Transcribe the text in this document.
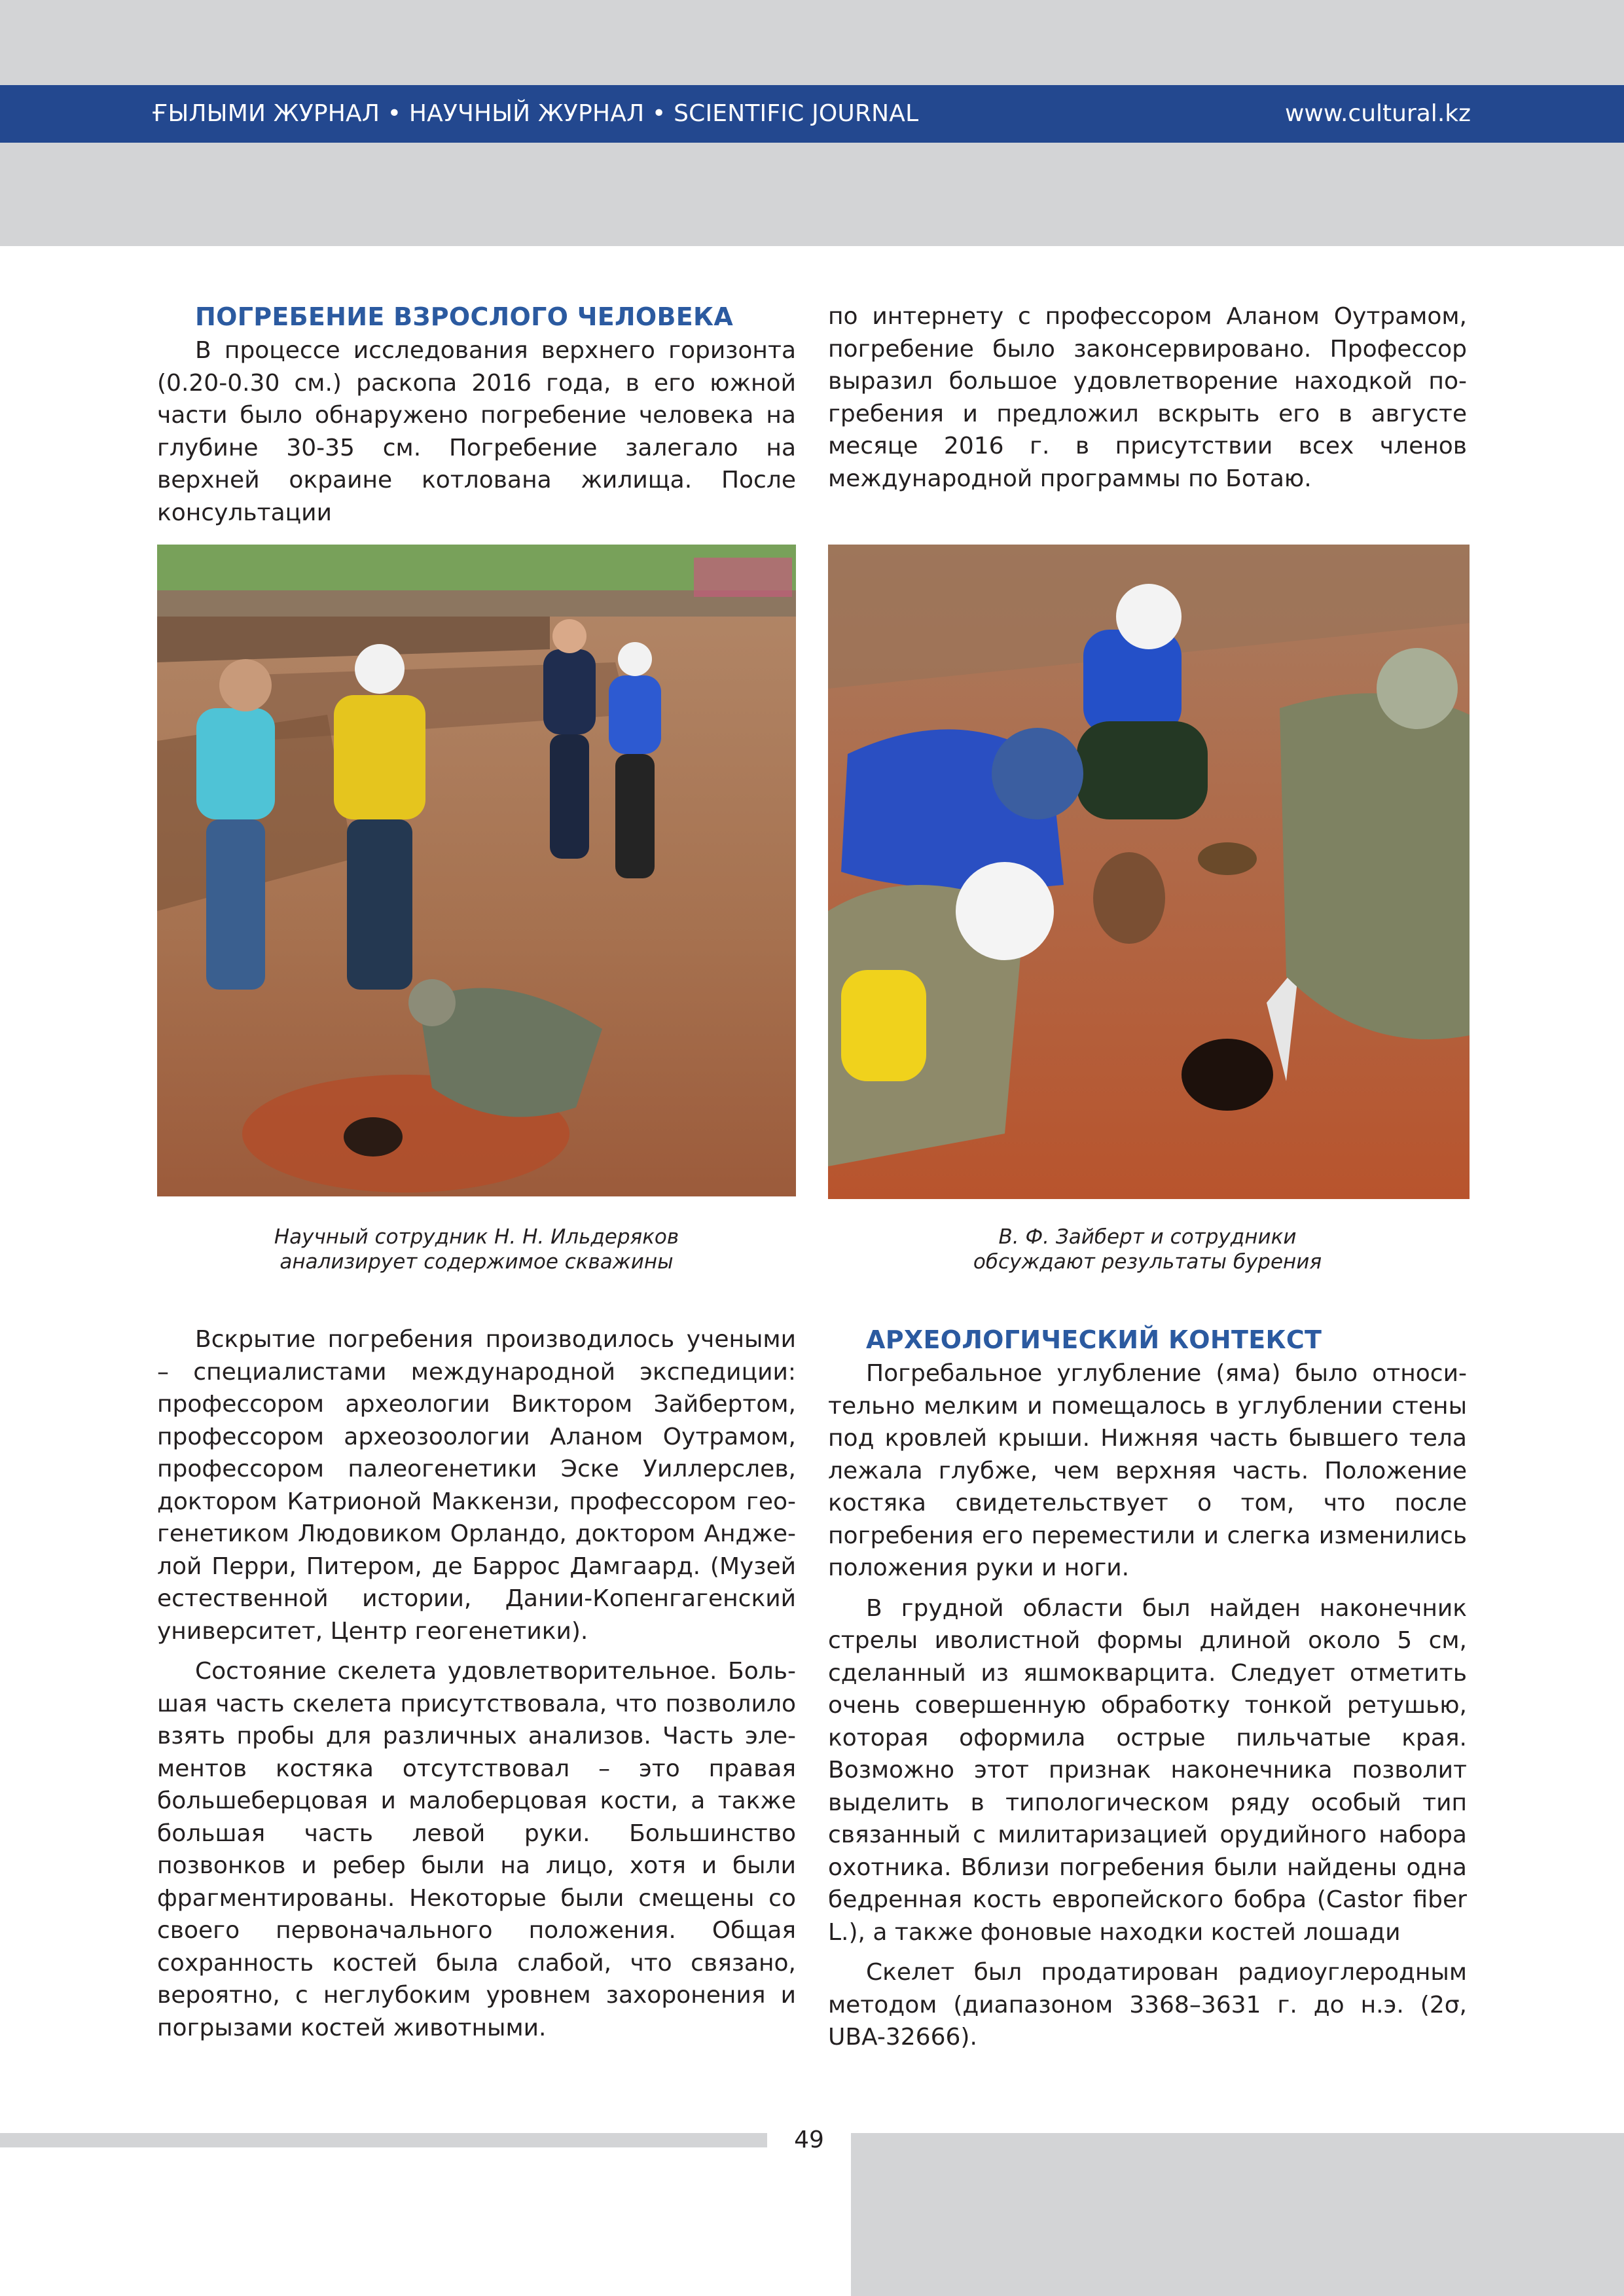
ҒЫЛЫМИ ЖУРНАЛ • НАУЧНЫЙ ЖУРНАЛ • SCIENTIFIC JOURNAL	www.cultural.kz
ПОГРЕБЕНИЕ ВЗРОСЛОГО ЧЕЛОВЕКА

В процессе исследования верхнего горизонта (0.20-0.30 см.) раскопа 2016 года, в его южной части было обнаружено погребение человека на глубине 30-35 см. Погребение залегало на верхней окраине котлована жилища. После консультации

по интернету с профессором Аланом Оутрамом, погребение было законсервировано. Профессор выразил большое удовлетворение находкой погребения и предложил вскрыть его в августе месяце 2016 г. в присутствии всех членов международной программы по Ботаю.

Научный сотрудник Н. Н. Ильдеряков
анализирует содержимое скважины
В. Ф. Зайберт и сотрудники
обсуждают результаты бурения

Вскрытие погребения производилось учеными – специалистами международной экспедиции: профессором археологии Виктором Зайбертом, профессором археозоологии Аланом Оутрамом, профессором палеогенетики Эске Уиллерслев, доктором Катрионой Маккензи, профессором геогенетиком Людовиком Орландо, доктором Анджелой Перри, Питером, де Баррос Дамгаард. (Музей естественной истории, Дании-Копенгагенский университет, Центр геогенетики).

Состояние скелета удовлетворительное. Большая часть скелета присутствовала, что позволило взять пробы для различных анализов. Часть элементов костяка отсутствовал – это правая большеберцовая и малоберцовая кости, а также большая часть левой руки. Большинство позвонков и ребер были на лицо, хотя и были фрагментированы. Некоторые были смещены со своего первоначального положения. Общая сохранность костей была слабой, что связано, вероятно, с неглубоким уровнем захоронения и погрызами костей животными.

АРХЕОЛОГИЧЕСКИЙ КОНТЕКСТ

Погребальное углубление (яма) было относительно мелким и помещалось в углублении стены под кровлей крыши. Нижняя часть бывшего тела лежала глубже, чем верхняя часть. Положение костяка свидетельствует о том, что после погребения его переместили и слегка изменились положения руки и ноги.

В грудной области был найден наконечник стрелы иволистной формы длиной около 5 см, сделанный из яшмокварцита. Следует отметить очень совершенную обработку тонкой ретушью, которая оформила острые пильчатые края. Возможно этот признак наконечника позволит выделить в типологическом ряду особый тип связанный с милитаризацией орудийного набора охотника. Вблизи погребения были найдены одна бедренная кость европейского бобра (Castor fiber L.), а также фоновые находки костей лошади

Скелет был продатирован радиоуглеродным методом (диапазоном 3368–3631 г. до н.э. (2σ, UBA-32666).

49
